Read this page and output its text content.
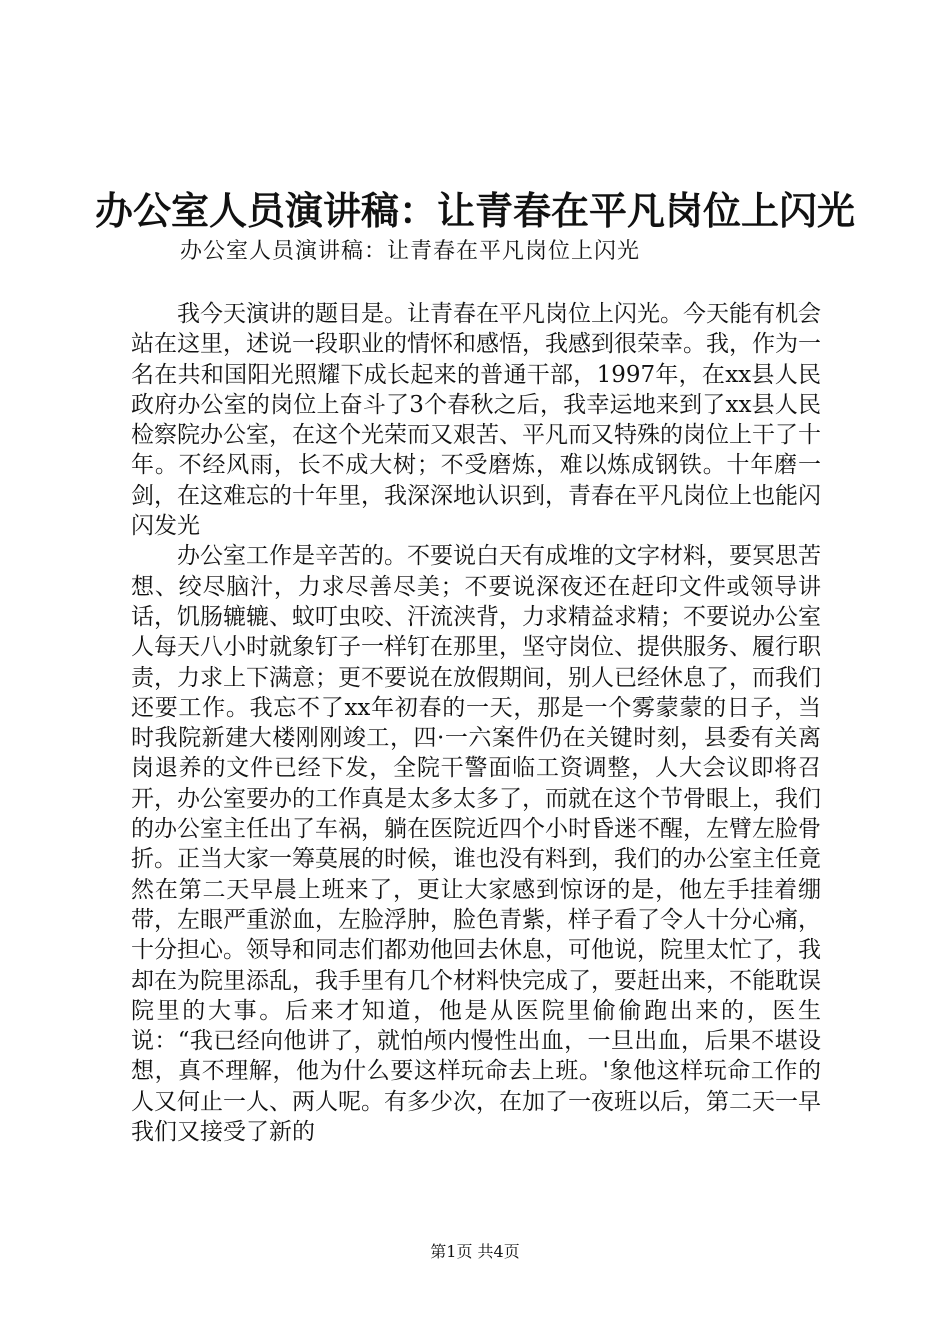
办公室人员演讲稿：让青春在平凡岗位上闪光
办公室人员演讲稿：让青春在平凡岗位上闪光

我今天演讲的题目是。让青春在平凡岗位上闪光。今天能有机会站在这里，述说一段职业的情怀和感悟，我感到很荣幸。我，作为一名在共和国阳光照耀下成长起来的普通干部，1997年，在xx县人民政府办公室的岗位上奋斗了3个春秋之后，我幸运地来到了xx县人民检察院办公室，在这个光荣而又艰苦、平凡而又特殊的岗位上干了十年。不经风雨，长不成大树；不受磨炼，难以炼成钢铁。十年磨一剑，在这难忘的十年里，我深深地认识到，青春在平凡岗位上也能闪闪发光

办公室工作是辛苦的。不要说白天有成堆的文字材料，要冥思苦想、绞尽脑汁，力求尽善尽美；不要说深夜还在赶印文件或领导讲话，饥肠辘辘、蚊叮虫咬、汗流浃背，力求精益求精；不要说办公室人每天八小时就象钉子一样钉在那里，坚守岗位、提供服务、履行职责，力求上下满意；更不要说在放假期间，别人已经休息了，而我们还要工作。我忘不了xx年初春的一天，那是一个雾蒙蒙的日子，当时我院新建大楼刚刚竣工，四·一六案件仍在关键时刻，县委有关离岗退养的文件已经下发，全院干警面临工资调整，人大会议即将召开，办公室要办的工作真是太多太多了，而就在这个节骨眼上，我们的办公室主任出了车祸，躺在医院近四个小时昏迷不醒，左臂左脸骨折。正当大家一筹莫展的时候，谁也没有料到，我们的办公室主任竟然在第二天早晨上班来了，更让大家感到惊讶的是，他左手挂着绷带，左眼严重淤血，左脸浮肿，脸色青紫，样子看了令人十分心痛，十分担心。领导和同志们都劝他回去休息，可他说，院里太忙了，我却在为院里添乱，我手里有几个材料快完成了，要赶出来，不能耽误院里的大事。后来才知道，他是从医院里偷偷跑出来的，医生说：“我已经向他讲了，就怕颅内慢性出血，一旦出血，后果不堪设想，真不理解，他为什么要这样玩命去上班。'象他这样玩命工作的人又何止一人、两人呢。有多少次，在加了一夜班以后，第二天一早我们又接受了新的

第1页 共4页
